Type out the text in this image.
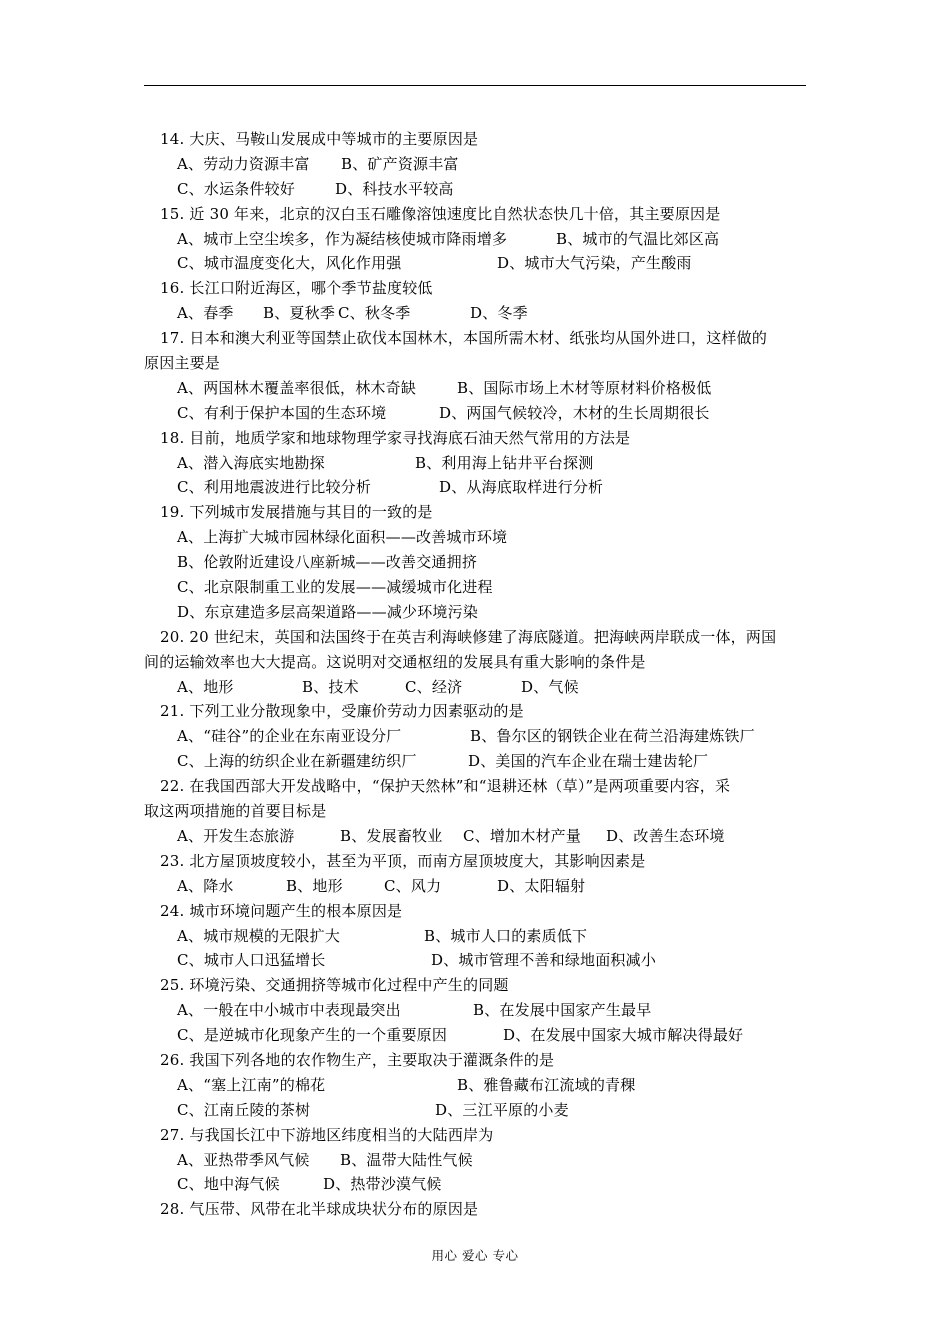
14. 大庆、马鞍山发展成中等城市的主要原因是
A、劳动力资源丰富 B、矿产资源丰富
C、水运条件较好	D、科技水平较高
15. 近 30 年来，北京的汉白玉石雕像溶蚀速度比自然状态快几十倍，其主要原因是
A、城市上空尘埃多，作为凝结核使城市降雨增多	B、城市的气温比郊区高
C、城市温度变化大，风化作用强	D、城市大气污染，产生酸雨
16. 长江口附近海区，哪个季节盐度较低
A、春季 B、夏秋季 C、秋冬季	D、冬季
17. 日本和澳大利亚等国禁止砍伐本国林木，本国所需木材、纸张均从国外进口，这样做的
原因主要是
A、两国林木覆盖率很低，林木奇缺	B、国际市场上木材等原材料价格极低
C、有利于保护本国的生态环境	D、两国气候较冷，木材的生长周期很长
18. 目前，地质学家和地球物理学家寻找海底石油天然气常用的方法是
A、潜入海底实地勘探	B、利用海上钻井平台探测
C、利用地震波进行比较分析	D、从海底取样进行分析
19. 下列城市发展措施与其目的一致的是
A、上海扩大城市园林绿化面积——改善城市环境
B、伦敦附近建设八座新城——改善交通拥挤
C、北京限制重工业的发展——减缓城市化进程
D、东京建造多层高架道路——减少环境污染
20. 20 世纪末，英国和法国终于在英吉利海峡修建了海底隧道。把海峡两岸联成一体，两国
间的运输效率也大大提高。这说明对交通枢纽的发展具有重大影响的条件是
A、地形	B、技术	C、经济	D、气候
21. 下列工业分散现象中，受廉价劳动力因素驱动的是
A、“硅谷”的企业在东南亚设分厂	B、鲁尔区的钢铁企业在荷兰沿海建炼铁厂
C、上海的纺织企业在新疆建纺织厂	D、美国的汽车企业在瑞士建齿轮厂
22. 在我国西部大开发战略中，“保护天然林”和“退耕还林（草）”是两项重要内容，采
取这两项措施的首要目标是
A、开发生态旅游	B、发展畜牧业 C、增加木材产量 D、改善生态环境
23. 北方屋顶坡度较小，甚至为平顶，而南方屋顶坡度大，其影响因素是
A、降水	B、地形	C、风力	D、太阳辐射
24. 城市环境问题产生的根本原因是
A、城市规模的无限扩大	B、城市人口的素质低下
C、城市人口迅猛增长	D、城市管理不善和绿地面积减小
25. 环境污染、交通拥挤等城市化过程中产生的同题
A、一般在中小城市中表现最突出	B、在发展中国家产生最早
C、是逆城市化现象产生的一个重要原因	D、在发展中国家大城市解决得最好
26. 我国下列各地的农作物生产，主要取决于灌溉条件的是
A、“塞上江南”的棉花	B、雅鲁藏布江流域的青稞
C、江南丘陵的茶树	D、三江平原的小麦
27. 与我国长江中下游地区纬度相当的大陆西岸为
A、亚热带季风气候 B、温带大陆性气候
C、地中海气候	D、热带沙漠气候
28. 气压带、风带在北半球成块状分布的原因是
用心 爱心 专心
